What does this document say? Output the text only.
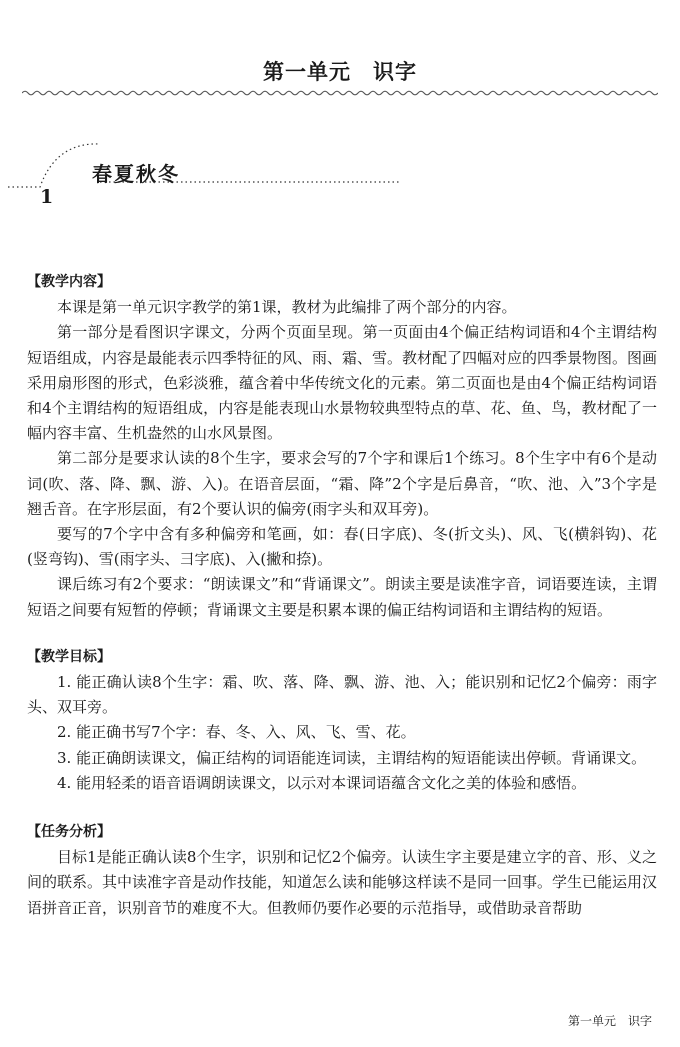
第一单元　识字
1
春夏秋冬

【教学内容】

本课是第一单元识字教学的第1课，教材为此编排了两个部分的内容。

第一部分是看图识字课文，分两个页面呈现。第一页面由4个偏正结构词语和4个主谓结构短语组成，内容是最能表示四季特征的风、雨、霜、雪。教材配了四幅对应的四季景物图。图画采用扇形图的形式，色彩淡雅，蕴含着中华传统文化的元素。第二页面也是由4个偏正结构词语和4个主谓结构的短语组成，内容是能表现山水景物较典型特点的草、花、鱼、鸟，教材配了一幅内容丰富、生机盎然的山水风景图。

第二部分是要求认读的8个生字，要求会写的7个字和课后1个练习。8个生字中有6个是动词(吹、落、降、飘、游、入)。在语音层面，“霜、降”2个字是后鼻音，“吹、池、入”3个字是翘舌音。在字形层面，有2个要认识的偏旁(雨字头和双耳旁)。

要写的7个字中含有多种偏旁和笔画，如：春(日字底)、冬(折文头)、风、飞(横斜钩)、花(竖弯钩)、雪(雨字头、彐字底)、入(撇和捺)。

课后练习有2个要求：“朗读课文”和“背诵课文”。朗读主要是读准字音，词语要连读，主谓短语之间要有短暂的停顿；背诵课文主要是积累本课的偏正结构词语和主谓结构的短语。

【教学目标】

1. 能正确认读8个生字：霜、吹、落、降、飘、游、池、入；能识别和记忆2个偏旁：雨字头、双耳旁。

2. 能正确书写7个字：春、冬、入、风、飞、雪、花。

3. 能正确朗读课文，偏正结构的词语能连词读，主谓结构的短语能读出停顿。背诵课文。

4. 能用轻柔的语音语调朗读课文，以示对本课词语蕴含文化之美的体验和感悟。

【任务分析】

目标1是能正确认读8个生字，识别和记忆2个偏旁。认读生字主要是建立字的音、形、义之间的联系。其中读准字音是动作技能，知道怎么读和能够这样读不是同一回事。学生已能运用汉语拼音正音，识别音节的难度不大。但教师仍要作必要的示范指导，或借助录音帮助

第一单元　识字
